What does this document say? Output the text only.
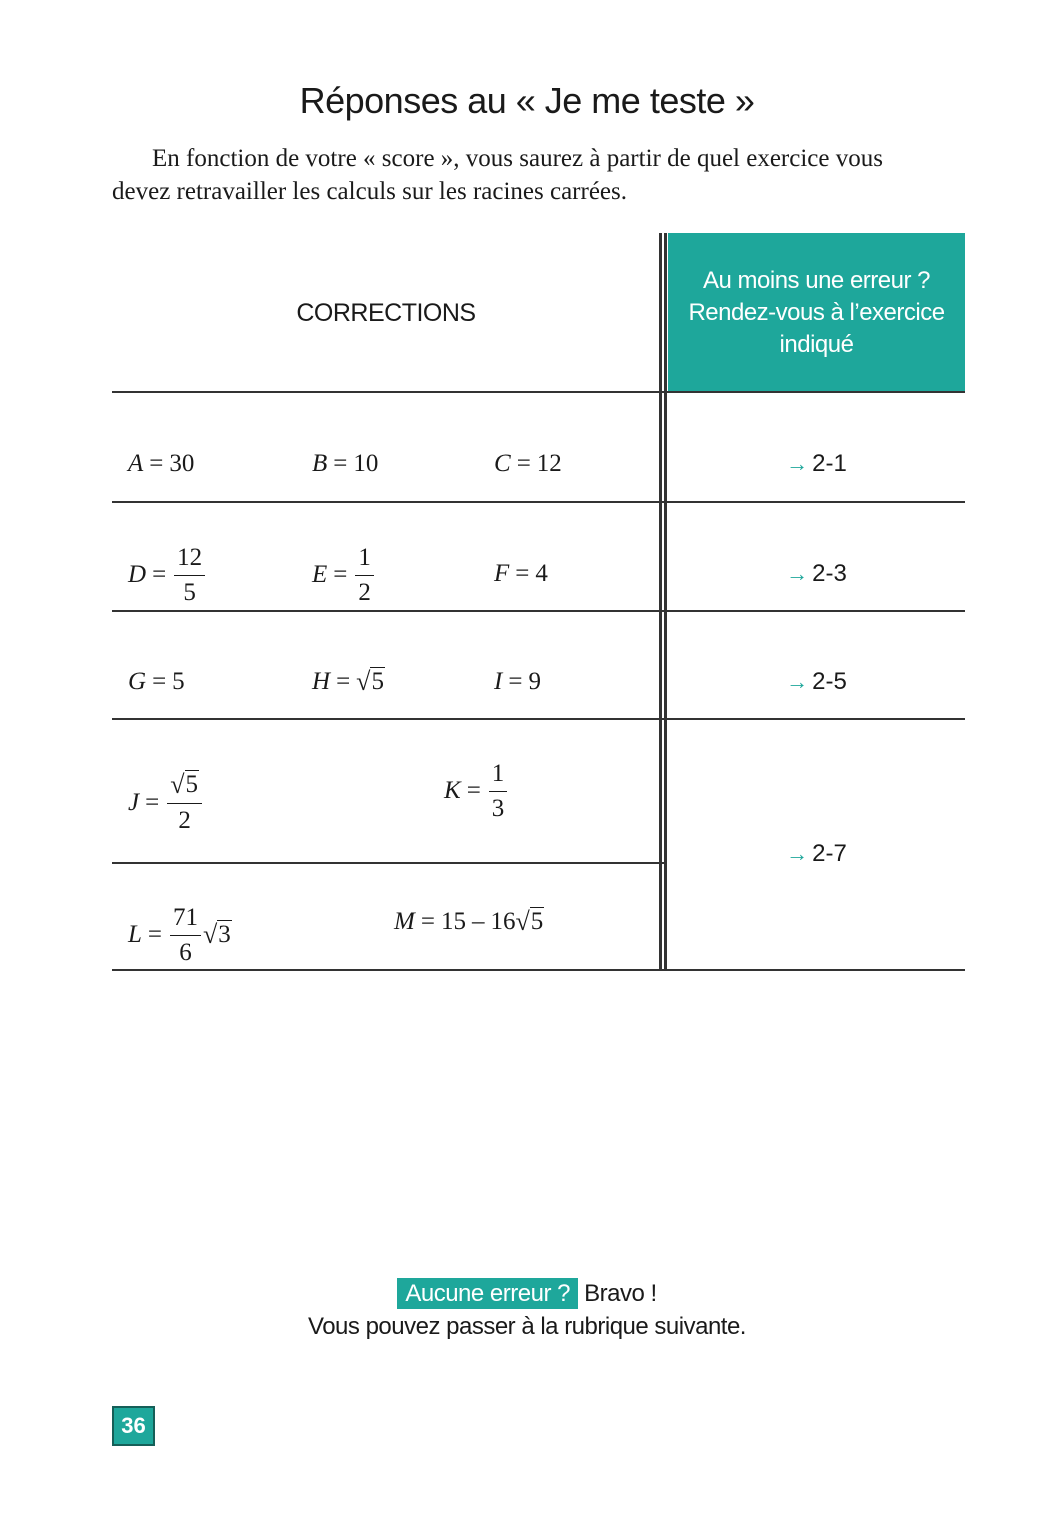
Réponses au « Je me teste »
En fonction de votre « score », vous saurez à partir de quel exercice vous devez retravailler les calculs sur les racines carrées.
CORRECTIONS
Au moins une erreur ? Rendez-vous à l’exercice indiqué
A = 30	B = 10	C = 12	→ 2-1
$D = \frac{12}{5}$	$E = \frac{1}{2}$	F = 4	→ 2-3
G = 5	H = √ 5	I = 9	→ 2-5
$J = \frac{√ 5}{2}$	$K = \frac{1}{3}$
$L = \frac{71}{6}$ √ 3	M = 15 – 16 √ 5
→ 2-7
Aucune erreur ? Bravo !
Vous pouvez passer à la rubrique suivante.
36
